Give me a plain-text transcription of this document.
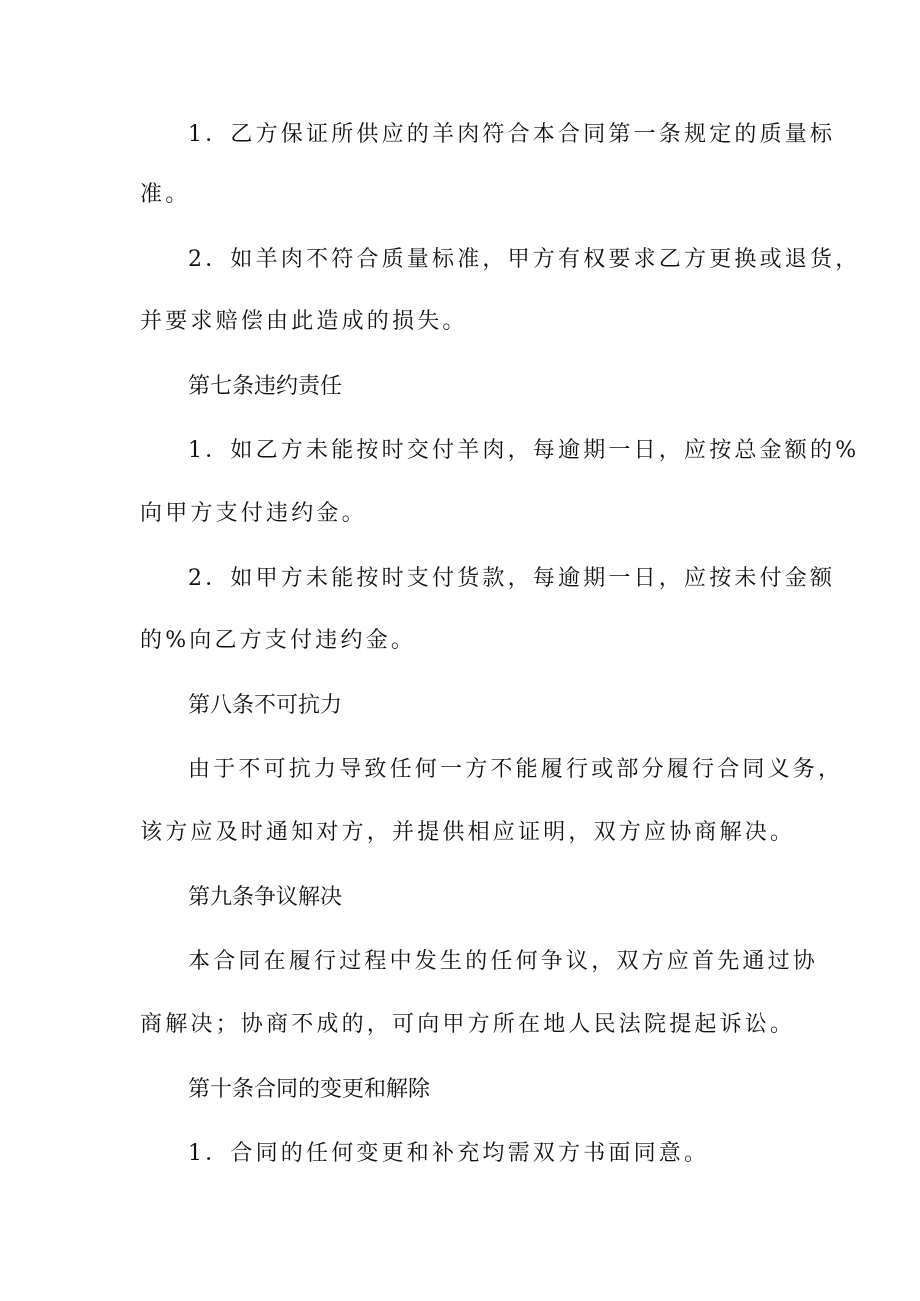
1．乙方保证所供应的羊肉符合本合同第一条规定的质量标
准。
2．如羊肉不符合质量标准，甲方有权要求乙方更换或退货，
并要求赔偿由此造成的损失。
第七条违约责任
1．如乙方未能按时交付羊肉，每逾期一日，应按总金额的%
向甲方支付违约金。
2．如甲方未能按时支付货款，每逾期一日，应按未付金额
的%向乙方支付违约金。
第八条不可抗力
由于不可抗力导致任何一方不能履行或部分履行合同义务，
该方应及时通知对方，并提供相应证明，双方应协商解决。
第九条争议解决
本合同在履行过程中发生的任何争议，双方应首先通过协
商解决；协商不成的，可向甲方所在地人民法院提起诉讼。
第十条合同的变更和解除
1．合同的任何变更和补充均需双方书面同意。
